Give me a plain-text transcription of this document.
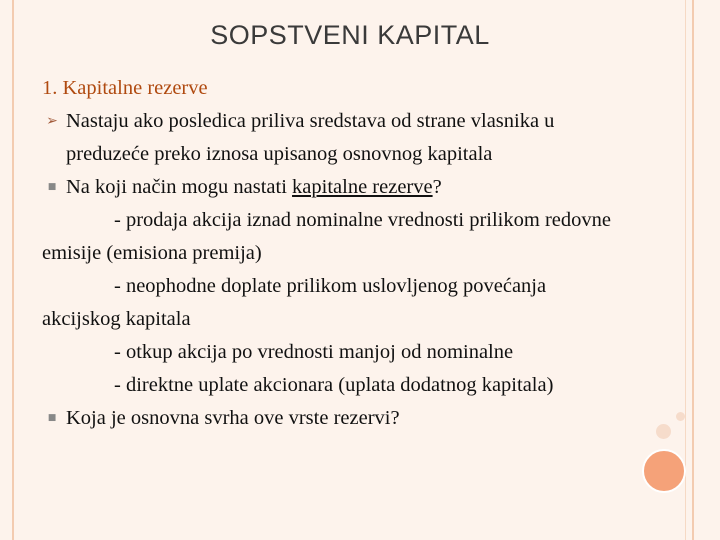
SOPSTVENI KAPITAL
1. Kapitalne rezerve
➢ Nastaju ako posledica priliva sredstava od strane vlasnika u
preduzeće preko iznosa upisanog osnovnog kapitala
■ Na koji način mogu nastati kapitalne rezerve?
- prodaja akcija iznad nominalne vrednosti prilikom redovne
emisije (emisiona premija)
- neophodne doplate prilikom uslovljenog povećanja
akcijskog kapitala
- otkup akcija po vrednosti manjoj od nominalne
- direktne uplate akcionara (uplata dodatnog kapitala)
■ Koja je osnovna svrha ove vrste rezervi?
